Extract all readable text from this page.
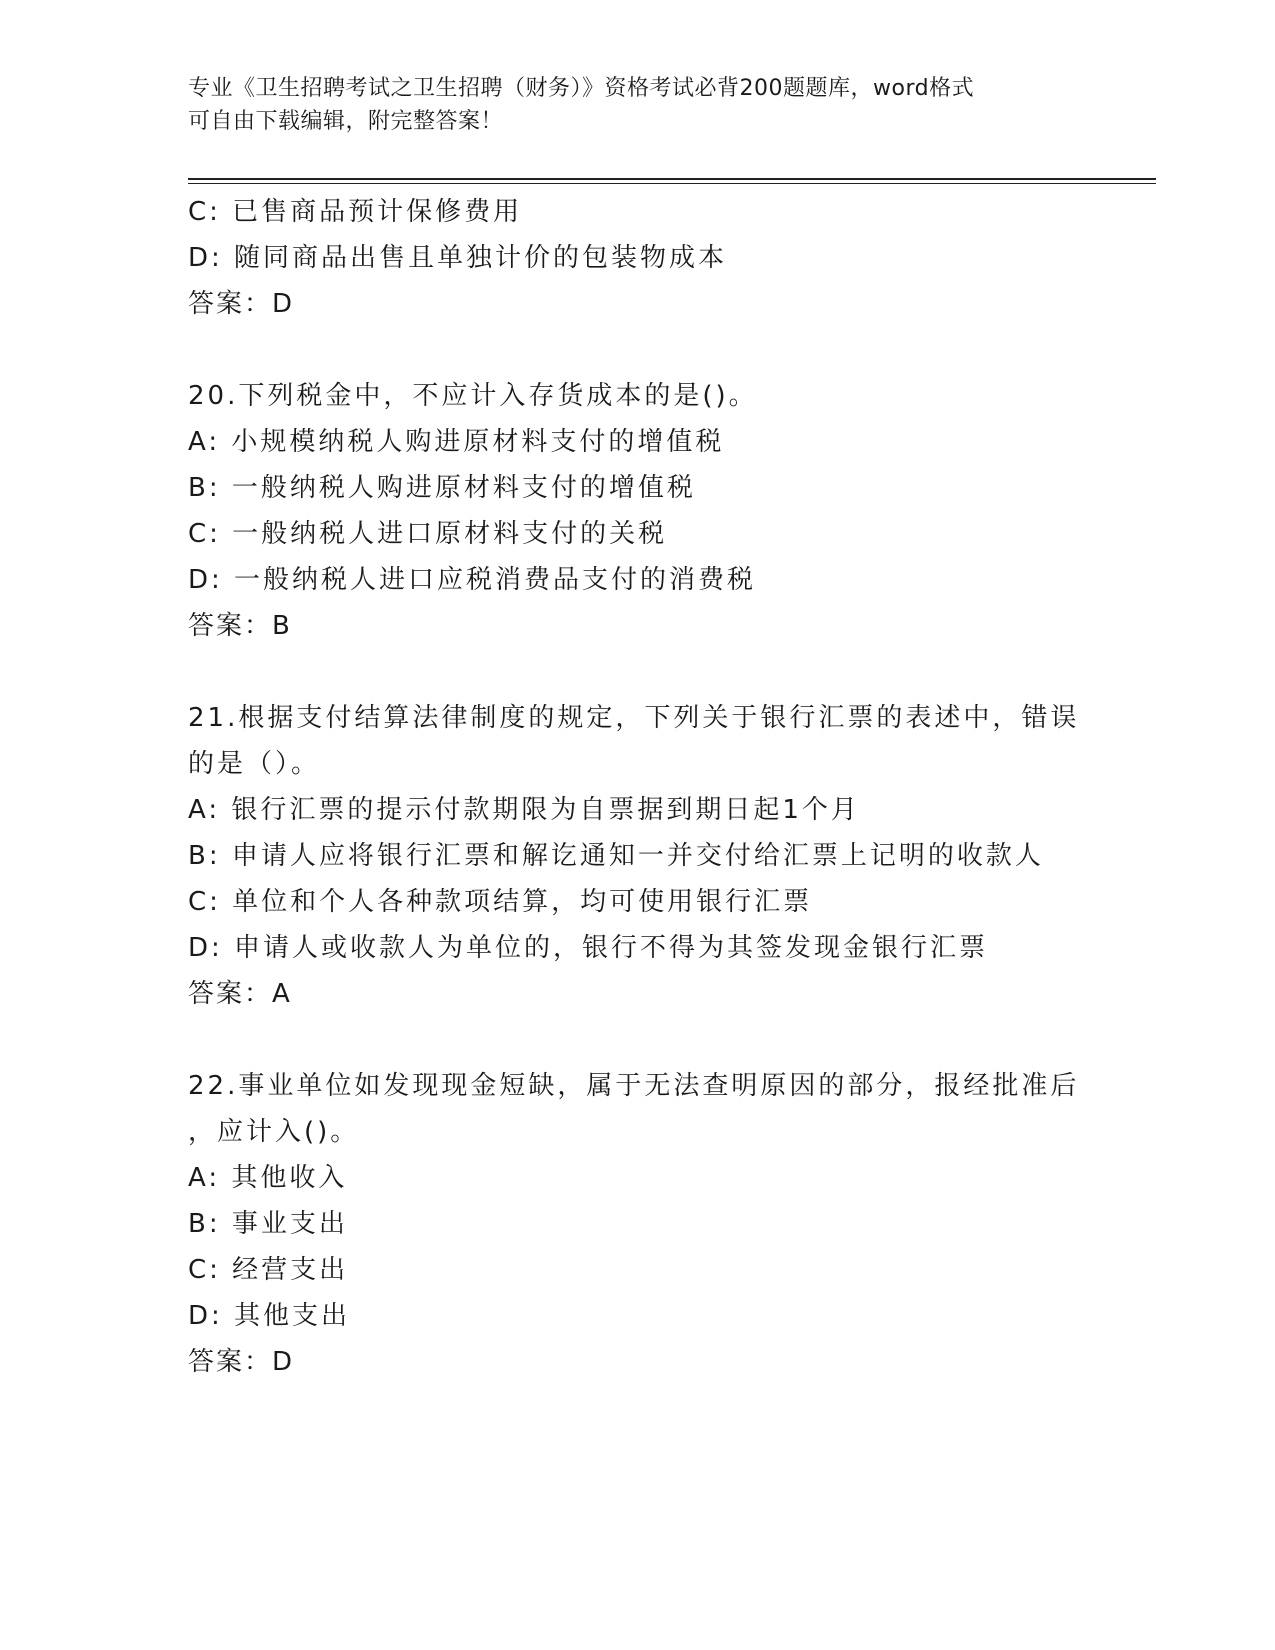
专业《卫生招聘考试之卫生招聘（财务）》资格考试必背200题题库，word格式
可自由下载编辑，附完整答案！
C: 已售商品预计保修费用
D: 随同商品出售且单独计价的包装物成本
答案：D
20.下列税金中，不应计入存货成本的是()。
A: 小规模纳税人购进原材料支付的增值税
B: 一般纳税人购进原材料支付的增值税
C: 一般纳税人进口原材料支付的关税
D: 一般纳税人进口应税消费品支付的消费税
答案：B
21.根据支付结算法律制度的规定，下列关于银行汇票的表述中，错误
的是（）。
A: 银行汇票的提示付款期限为自票据到期日起1个月
B: 申请人应将银行汇票和解讫通知一并交付给汇票上记明的收款人
C: 单位和个人各种款项结算，均可使用银行汇票
D: 申请人或收款人为单位的，银行不得为其签发现金银行汇票
答案：A
22.事业单位如发现现金短缺，属于无法查明原因的部分，报经批准后
，应计入()。
A: 其他收入
B: 事业支出
C: 经营支出
D: 其他支出
答案：D
